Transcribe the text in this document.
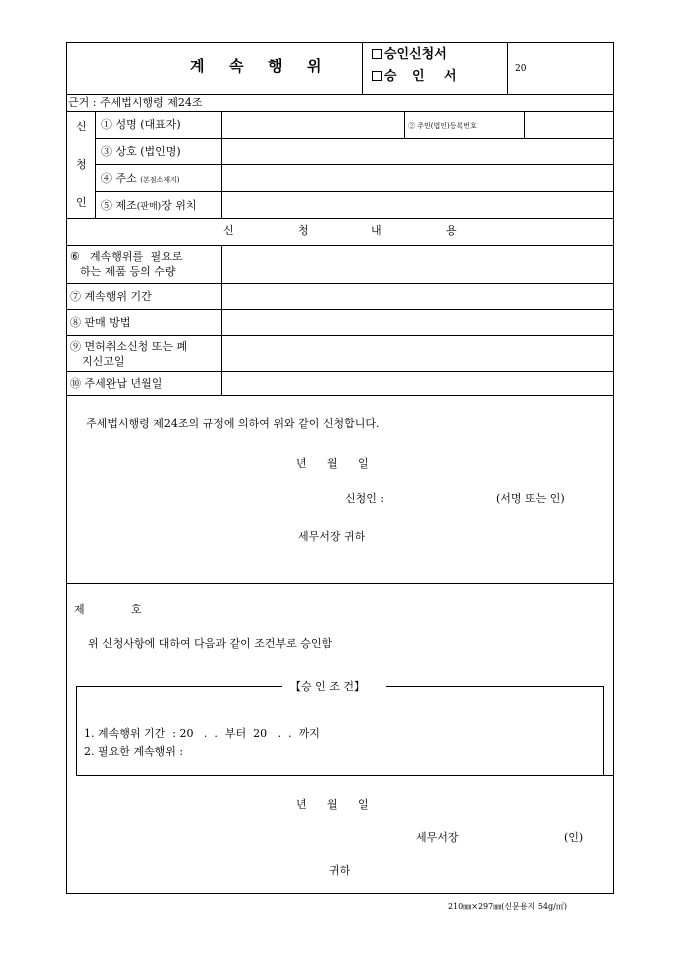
계 속 행 위
승인신청서
승 인 서	20
근거 : 주세법시행령 제24조
신
청
인
① 성명 (대표자)	② 주민(법인)등록번호
③ 상호 (법인명)
④ 주소 (본점소재지)
⑤ 제조(판매)장 위치
신	청	내	용
⑥ 계속행위를 필요로
하는 제품 등의 수량
⑦ 계속행위 기간
⑧ 판매 방법
⑨ 면허취소신청 또는 폐
지신고일
⑩ 주세완납 년월일
주세법시행령 제24조의 규정에 의하여 위와 같이 신청합니다.
년 월 일
신청인 :	(서명 또는 인)
세무서장 귀하
제	호
위 신청사항에 대하여 다음과 같이 조건부로 승인함
【승 인 조 건】
1. 계속행위 기간  : 20   .  .  부터  20   .  .  까지
2. 필요한 계속행위 :
년 월 일
세무서장	(인)
귀하
210㎜×297㎜(신문용지 54g/㎡)
